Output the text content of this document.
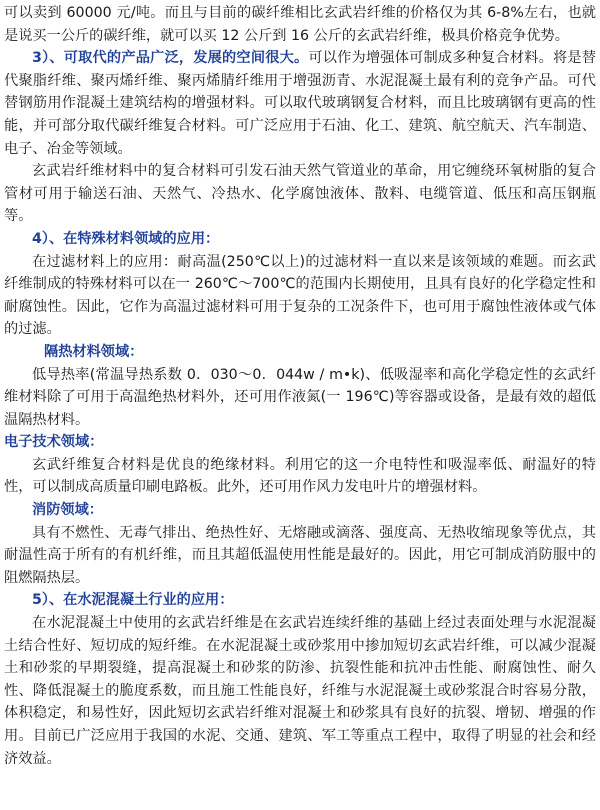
可以卖到 60000 元/吨。而且与目前的碳纤维相比玄武岩纤维的价格仅为其 6-8%左右，也就是说买一公斤的碳纤维，就可以买 12 公斤到 16 公斤的玄武岩纤维，极具价格竞争优势。

3）、可取代的产品广泛，发展的空间很大。可以作为增强体可制成多种复合材料。将是替代聚脂纤维、聚丙烯纤维、聚丙烯腈纤维用于增强沥青、水泥混凝土最有利的竞争产品。可代替钢筋用作混凝土建筑结构的增强材料。可以取代玻璃钢复合材料，而且比玻璃钢有更高的性能，并可部分取代碳纤维复合材料。可广泛应用于石油、化工、建筑、航空航天、汽车制造、电子、冶金等领域。

玄武岩纤维材料中的复合材料可引发石油天然气管道业的革命，用它缠绕环氧树脂的复合管材可用于输送石油、天然气、冷热水、化学腐蚀液体、散料、电缆管道、低压和高压钢瓶等。

4）、在特殊材料领域的应用：

在过滤材料上的应用：耐高温(250℃以上)的过滤材料一直以来是该领域的难题。而玄武纤维制成的特殊材料可以在一 260℃～700℃的范围内长期使用，且具有良好的化学稳定性和耐腐蚀性。因此，它作为高温过滤材料可用于复杂的工况条件下，也可用于腐蚀性液体或气体的过滤。

隔热材料领域：

低导热率(常温导热系数 0．030～0．044w / m•k)、低吸湿率和高化学稳定性的玄武纤维材料除了可用于高温绝热材料外，还可用作液氮(一 196℃)等容器或设备，是最有效的超低温隔热材料。

电子技术领域：

玄武纤维复合材料是优良的绝缘材料。利用它的这一介电特性和吸湿率低、耐温好的特性，可以制成高质量印刷电路板。此外，还可用作风力发电叶片的增强材料。

消防领域：

具有不燃性、无毒气排出、绝热性好、无熔融或滴落、强度高、无热收缩现象等优点，其耐温性高于所有的有机纤维，而且其超低温使用性能是最好的。因此，用它可制成消防服中的阻燃隔热层。

5）、在水泥混凝土行业的应用：

在水泥混凝土中使用的玄武岩纤维是在玄武岩连续纤维的基础上经过表面处理与水泥混凝土结合性好、短切成的短纤维。在水泥混凝土或砂浆用中掺加短切玄武岩纤维，可以减少混凝土和砂浆的早期裂缝，提高混凝土和砂浆的防渗、抗裂性能和抗冲击性能、耐腐蚀性、耐久性、降低混凝土的脆度系数，而且施工性能良好，纤维与水泥混凝土或砂浆混合时容易分散，体积稳定，和易性好，因此短切玄武岩纤维对混凝土和砂浆具有良好的抗裂、增韧、增强的作用。目前已广泛应用于我国的水泥、交通、建筑、军工等重点工程中，取得了明显的社会和经济效益。
